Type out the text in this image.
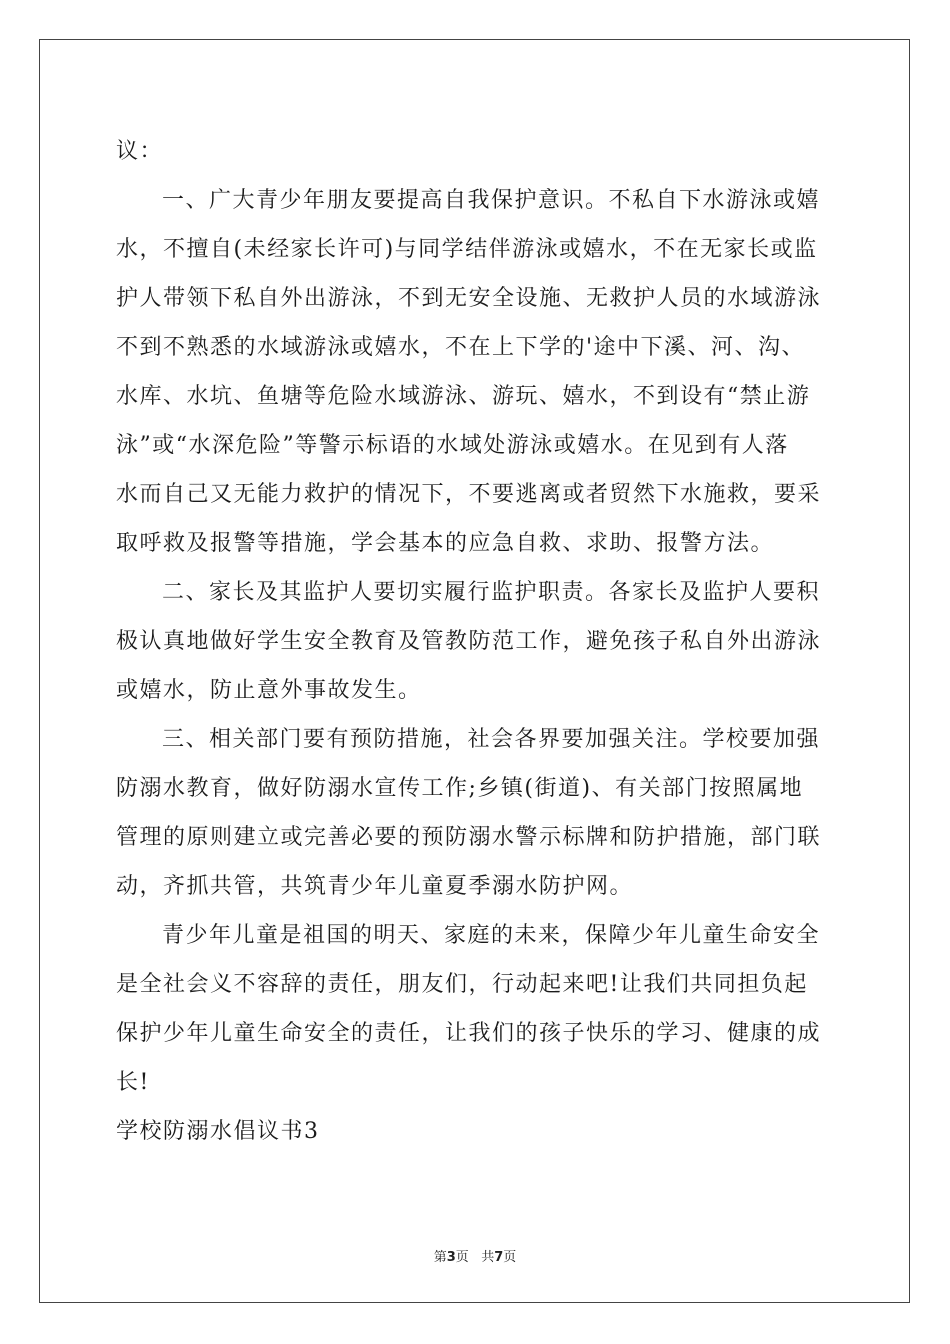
议：
一、广大青少年朋友要提高自我保护意识。不私自下水游泳或嬉
水，不擅自(未经家长许可)与同学结伴游泳或嬉水，不在无家长或监
护人带领下私自外出游泳，不到无安全设施、无救护人员的水域游泳
不到不熟悉的水域游泳或嬉水，不在上下学的'途中下溪、河、沟、
水库、水坑、鱼塘等危险水域游泳、游玩、嬉水，不到设有“禁止游
泳”或“水深危险”等警示标语的水域处游泳或嬉水。在见到有人落
水而自己又无能力救护的情况下，不要逃离或者贸然下水施救，要采
取呼救及报警等措施，学会基本的应急自救、求助、报警方法。
二、家长及其监护人要切实履行监护职责。各家长及监护人要积
极认真地做好学生安全教育及管教防范工作，避免孩子私自外出游泳
或嬉水，防止意外事故发生。
三、相关部门要有预防措施，社会各界要加强关注。学校要加强
防溺水教育，做好防溺水宣传工作;乡镇(街道)、有关部门按照属地
管理的原则建立或完善必要的预防溺水警示标牌和防护措施，部门联
动，齐抓共管，共筑青少年儿童夏季溺水防护网。
青少年儿童是祖国的明天、家庭的未来，保障少年儿童生命安全
是全社会义不容辞的责任，朋友们，行动起来吧!让我们共同担负起
保护少年儿童生命安全的责任，让我们的孩子快乐的学习、健康的成
长!
学校防溺水倡议书3
第3页 共7页
